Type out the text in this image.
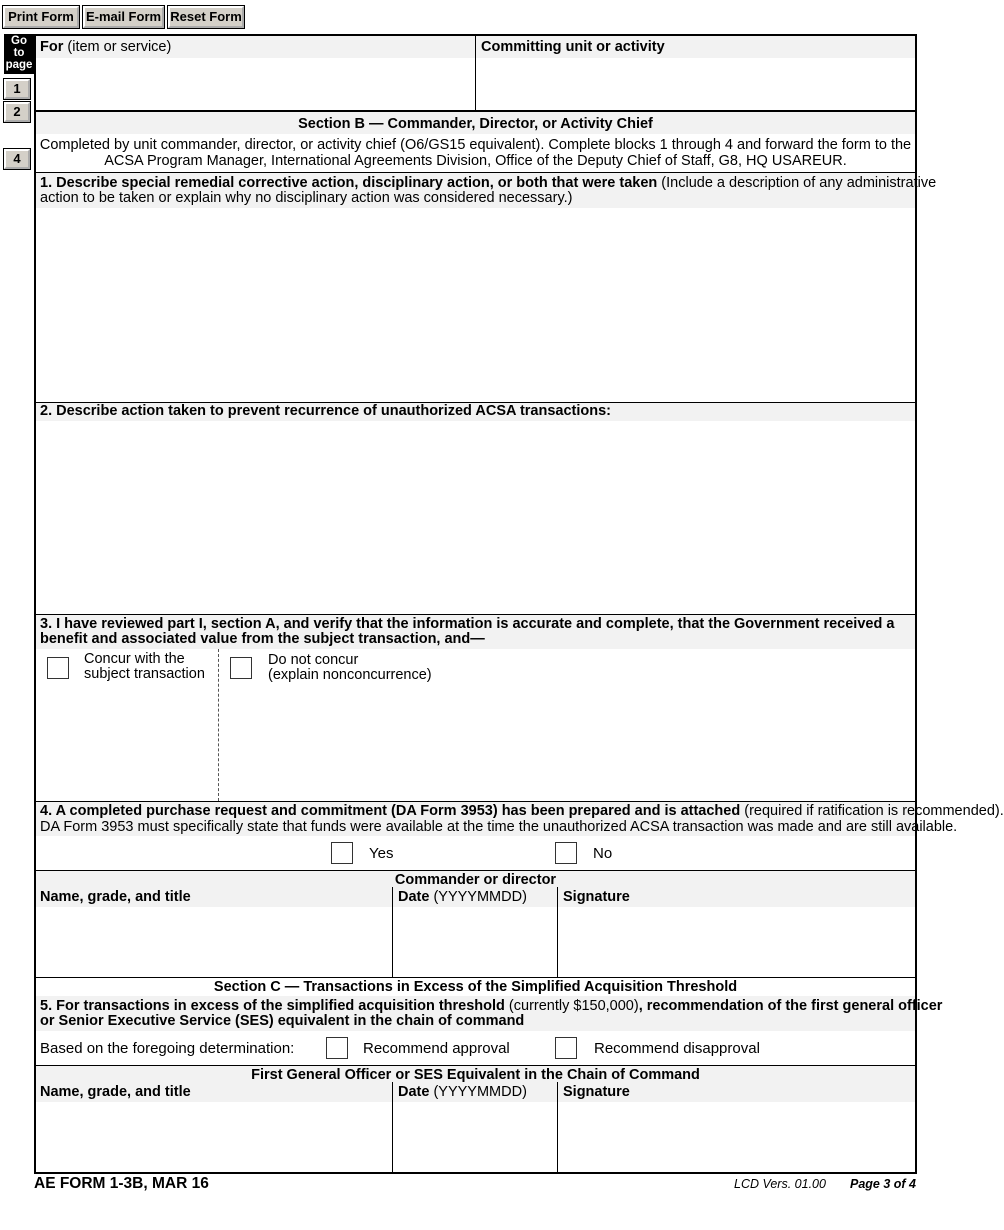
Print Form E-mail Form Reset Form
Go
to
page
1
2
4
For (item or service)	Committing unit or activity
Section B — Commander, Director, or Activity Chief
Completed by unit commander, director, or activity chief (O6/GS15 equivalent). Complete blocks 1 through 4 and forward the form to the
ACSA Program Manager, International Agreements Division, Office of the Deputy Chief of Staff, G8, HQ USAREUR.
1. Describe special remedial corrective action, disciplinary action, or both that were taken (Include a description of any administrative
action to be taken or explain why no disciplinary action was considered necessary.)
2. Describe action taken to prevent recurrence of unauthorized ACSA transactions:
3. I have reviewed part I, section A, and verify that the information is accurate and complete, that the Government received a
benefit and associated value from the subject transaction, and—
Concur with the
subject transaction
Do not concur
(explain nonconcurrence)
4. A completed purchase request and commitment (DA Form 3953) has been prepared and is attached (required if ratification is recommended).
DA Form 3953 must specifically state that funds were available at the time the unauthorized ACSA transaction was made and are still available.
Yes	No
Commander or director
Name, grade, and title	Date (YYYYMMDD) Signature
Section C — Transactions in Excess of the Simplified Acquisition Threshold
5. For transactions in excess of the simplified acquisition threshold (currently $150,000), recommendation of the first general officer
or Senior Executive Service (SES) equivalent in the chain of command
Based on the foregoing determination:	Recommend approval	Recommend disapproval
First General Officer or SES Equivalent in the Chain of Command
Name, grade, and title	Date (YYYYMMDD) Signature
AE FORM 1-3B, MAR 16	LCD Vers. 01.00 Page 3 of 4
